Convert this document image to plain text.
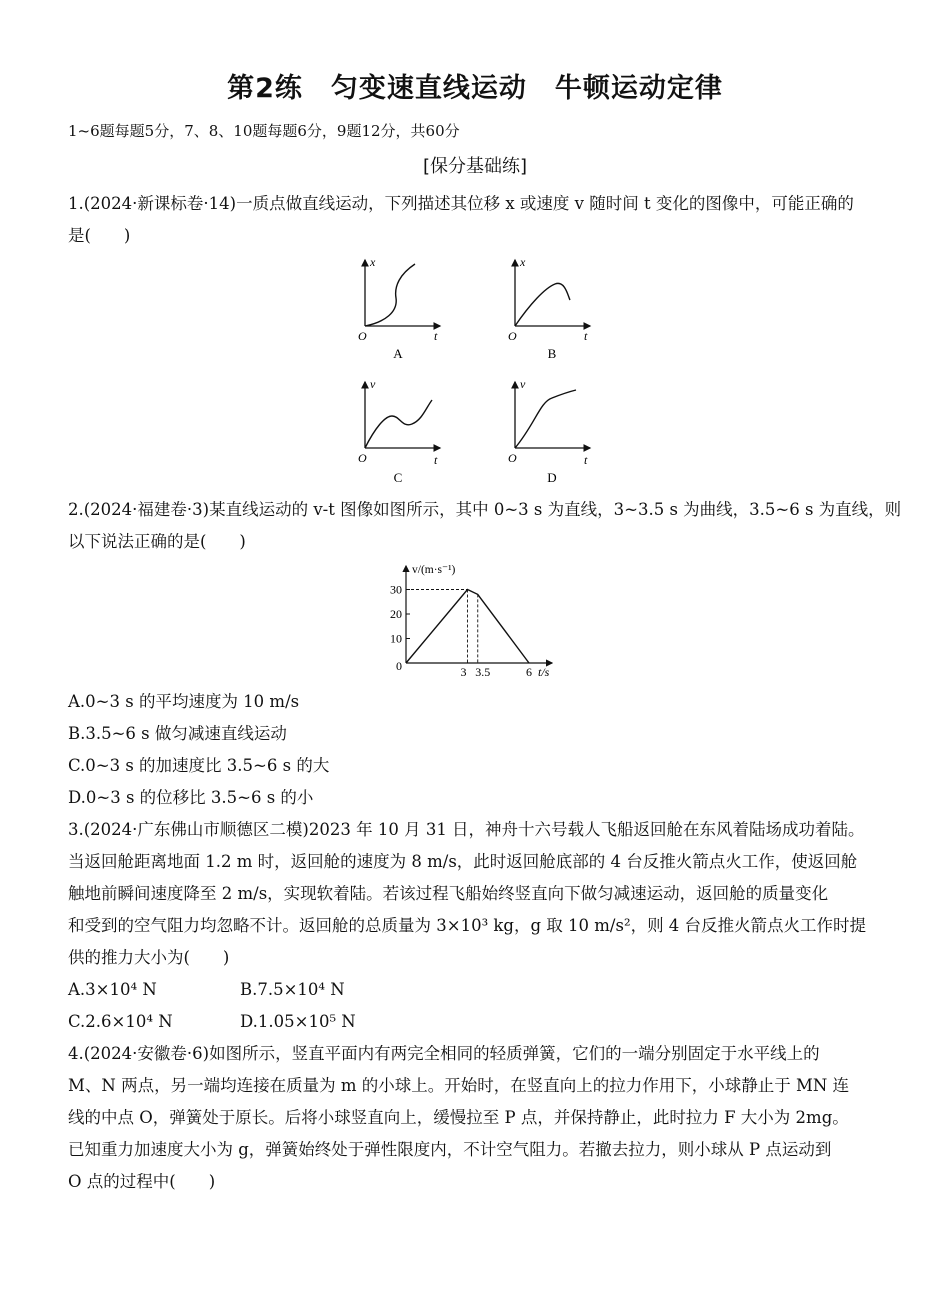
第2练　匀变速直线运动　牛顿运动定律
1~6题每题5分，7、8、10题每题6分，9题12分，共60分
[保分基础练]
1.(2024·新课标卷·14)一质点做直线运动，下列描述其位移 x 或速度 v 随时间 t 变化的图像中，可能正确的
是(　　)
x
t
O
A
x
t
O
B
v
t
O
C
v
t
O
D
2.(2024·福建卷·3)某直线运动的 v-t 图像如图所示，其中 0~3 s 为直线，3~3.5 s 为曲线，3.5~6 s 为直线，则
以下说法正确的是(　　)
v/(m·s⁻¹)
t/s
0
10
20
30
3 3.5	6
A.0~3 s 的平均速度为 10 m/s
B.3.5~6 s 做匀减速直线运动
C.0~3 s 的加速度比 3.5~6 s 的大
D.0~3 s 的位移比 3.5~6 s 的小
3.(2024·广东佛山市顺德区二模)2023 年 10 月 31 日，神舟十六号载人飞船返回舱在东风着陆场成功着陆。
当返回舱距离地面 1.2 m 时，返回舱的速度为 8 m/s，此时返回舱底部的 4 台反推火箭点火工作，使返回舱
触地前瞬间速度降至 2 m/s，实现软着陆。若该过程飞船始终竖直向下做匀减速运动，返回舱的质量变化
和受到的空气阻力均忽略不计。返回舱的总质量为 3×10³ kg，g 取 10 m/s²，则 4 台反推火箭点火工作时提
供的推力大小为(　　)
A.3×10⁴ N	B.7.5×10⁴ N
C.2.6×10⁴ N	D.1.05×10⁵ N
4.(2024·安徽卷·6)如图所示，竖直平面内有两完全相同的轻质弹簧，它们的一端分别固定于水平线上的
M、N 两点，另一端均连接在质量为 m 的小球上。开始时，在竖直向上的拉力作用下，小球静止于 MN 连
线的中点 O，弹簧处于原长。后将小球竖直向上，缓慢拉至 P 点，并保持静止，此时拉力 F 大小为 2mg。
已知重力加速度大小为 g，弹簧始终处于弹性限度内，不计空气阻力。若撤去拉力，则小球从 P 点运动到
O 点的过程中(　　)
